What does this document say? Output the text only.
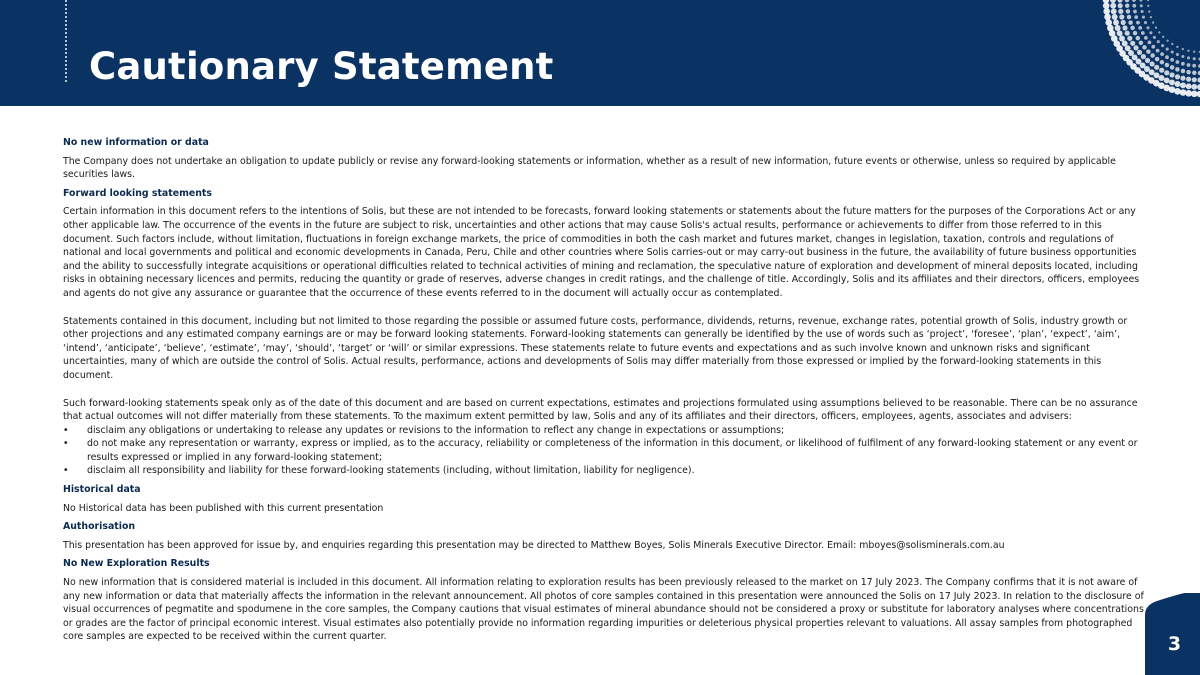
Cautionary Statement

No new information or data

The Company does not undertake an obligation to update publicly or revise any forward-looking statements or information, whether as a result of new information, future events or otherwise, unless so required by applicable securities laws.

Forward looking statements

Certain information in this document refers to the intentions of Solis, but these are not intended to be forecasts, forward looking statements or statements about the future matters for the purposes of the Corporations Act or any other applicable law. The occurrence of the events in the future are subject to risk, uncertainties and other actions that may cause Solis's actual results, performance or achievements to differ from those referred to in this document. Such factors include, without limitation, fluctuations in foreign exchange markets, the price of commodities in both the cash market and futures market, changes in legislation, taxation, controls and regulations of national and local governments and political and economic developments in Canada, Peru, Chile and other countries where Solis carries-out or may carry-out business in the future, the availability of future business opportunities and the ability to successfully integrate acquisitions or operational difficulties related to technical activities of mining and reclamation, the speculative nature of exploration and development of mineral deposits located, including risks in obtaining necessary licences and permits, reducing the quantity or grade of reserves, adverse changes in credit ratings, and the challenge of title. Accordingly, Solis and its affiliates and their directors, officers, employees and agents do not give any assurance or guarantee that the occurrence of these events referred to in the document will actually occur as contemplated.

Statements contained in this document, including but not limited to those regarding the possible or assumed future costs, performance, dividends, returns, revenue, exchange rates, potential growth of Solis, industry growth or other projections and any estimated company earnings are or may be forward looking statements. Forward-looking statements can generally be identified by the use of words such as ‘project’, ‘foresee’, ‘plan’, ‘expect’, ‘aim’, ‘intend’, ‘anticipate’, ‘believe’, ‘estimate’, ‘may’, ‘should’, ‘target’ or ‘will’ or similar expressions. These statements relate to future events and expectations and as such involve known and unknown risks and significant uncertainties, many of which are outside the control of Solis. Actual results, performance, actions and developments of Solis may differ materially from those expressed or implied by the forward-looking statements in this document.

Such forward-looking statements speak only as of the date of this document and are based on current expectations, estimates and projections formulated using assumptions believed to be reasonable. There can be no assurance that actual outcomes will not differ materially from these statements. To the maximum extent permitted by law, Solis and any of its affiliates and their directors, officers, employees, agents, associates and advisers:

• disclaim any obligations or undertaking to release any updates or revisions to the information to reflect any change in expectations or assumptions;
• do not make any representation or warranty, express or implied, as to the accuracy, reliability or completeness of the information in this document, or likelihood of fulfilment of any forward-looking statement or any event or results expressed or implied in any forward-looking statement;
• disclaim all responsibility and liability for these forward-looking statements (including, without limitation, liability for negligence).

Historical data

No Historical data has been published with this current presentation

Authorisation

This presentation has been approved for issue by, and enquiries regarding this presentation may be directed to Matthew Boyes, Solis Minerals Executive Director. Email: mboyes@solisminerals.com.au

No New Exploration Results

No new information that is considered material is included in this document. All information relating to exploration results has been previously released to the market on 17 July 2023. The Company confirms that it is not aware of any new information or data that materially affects the information in the relevant announcement. All photos of core samples contained in this presentation were announced the Solis on 17 July 2023. In relation to the disclosure of visual occurrences of pegmatite and spodumene in the core samples, the Company cautions that visual estimates of mineral abundance should not be considered a proxy or substitute for laboratory analyses where concentrations or grades are the factor of principal economic interest. Visual estimates also potentially provide no information regarding impurities or deleterious physical properties relevant to valuations. All assay samples from photographed core samples are expected to be received within the current quarter.	3
